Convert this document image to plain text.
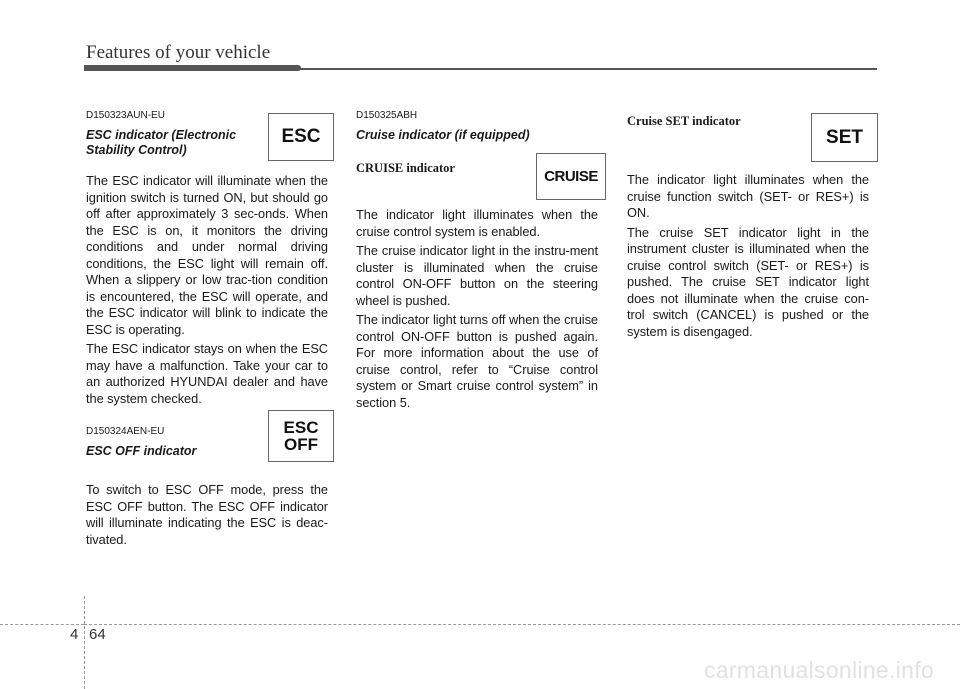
Features of your vehicle
D150323AUN-EU
ESC indicator (Electronic Stability Control)

The ESC indicator will illuminate when the ignition switch is turned ON, but should go off after approximately 3 sec-onds. When the ESC is on, it monitors the driving conditions and under normal driving conditions, the ESC light will remain off. When a slippery or low trac-tion condition is encountered, the ESC will operate, and the ESC indicator will blink to indicate the ESC is operating.

The ESC indicator stays on when the ESC may have a malfunction. Take your car to an authorized HYUNDAI dealer and have the system checked.

D150324AEN-EU
ESC OFF indicator

To switch to ESC OFF mode, press the ESC OFF button. The ESC OFF indicator will illuminate indicating the ESC is deac-tivated.

ESC
ESC
OFF
D150325ABH
Cruise indicator (if equipped)
CRUISE indicator

The indicator light illuminates when the cruise control system is enabled.

The cruise indicator light in the instru-ment cluster is illuminated when the cruise control ON-OFF button on the steering wheel is pushed.

The indicator light turns off when the cruise control ON-OFF button is pushed again. For more information about the use of cruise control, refer to “Cruise control system or Smart cruise control system” in section 5.

CRUISE
Cruise SET indicator

The indicator light illuminates when the cruise function switch (SET- or RES+) is ON.

The cruise SET indicator light in the instrument cluster is illuminated when the cruise control switch (SET- or RES+) is pushed. The cruise SET indicator light does not illuminate when the cruise con-trol switch (CANCEL) is pushed or the system is disengaged.

SET
4 64
carmanualsonline.info
